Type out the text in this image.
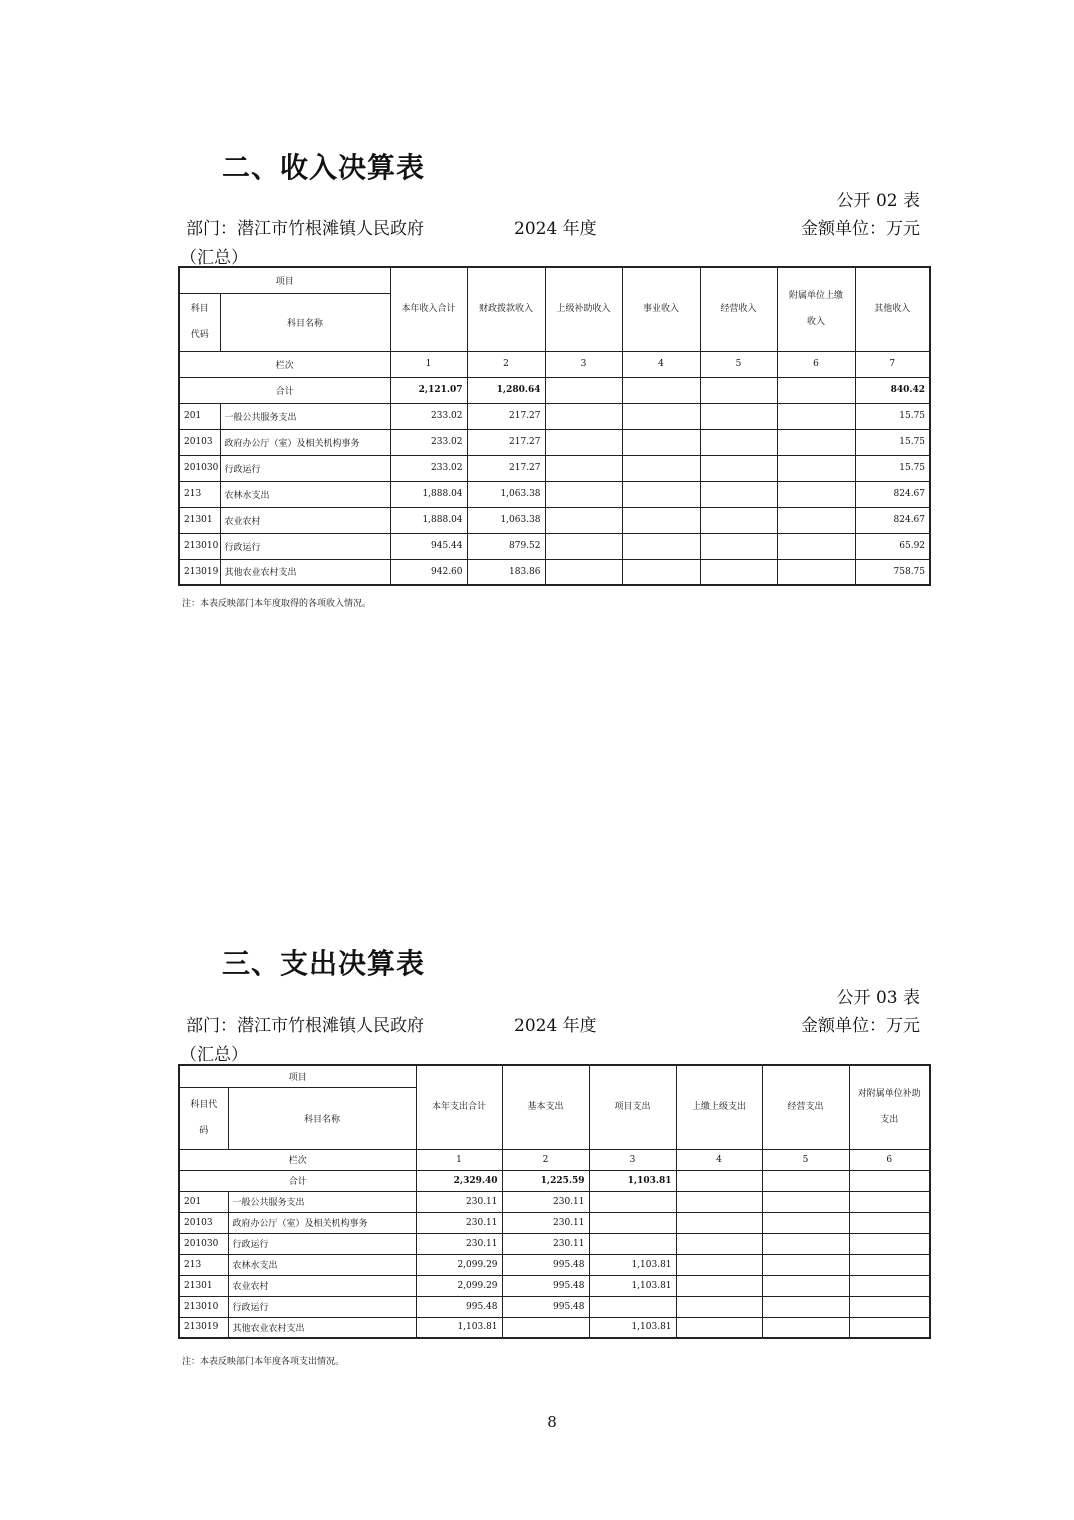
二、收入决算表
公开 02 表
部门：潜江市竹根滩镇人民政府	2024 年度	金额单位：万元
（汇总）
项目		本年收入合计	财政拨款收入	上级补助收入	事业收入	经营收入	附属单位上缴收入	其他收入
科目代码	科目名称							
栏次		1	2	3	4	5	6	7
合计		2,121.07	1,280.64					840.42
201	一般公共服务支出	233.02	217.27					15.75
20103	政府办公厅（室）及相关机构事务	233.02	217.27					15.75
201030	行政运行	233.02	217.27					15.75
213	农林水支出	1,888.04	1,063.38					824.67
21301	农业农村	1,888.04	1,063.38					824.67
213010	行政运行	945.44	879.52					65.92
213019	其他农业农村支出	942.60	183.86					758.75
注：本表反映部门本年度取得的各项收入情况。
三、支出决算表
公开 03 表
部门：潜江市竹根滩镇人民政府	2024 年度	金额单位：万元
（汇总）
项目		本年支出合计	基本支出	项目支出	上缴上级支出	经营支出	对附属单位补助支出
科目代码	科目名称						
栏次		1	2	3	4	5	6
合计		2,329.40	1,225.59	1,103.81			
201	一般公共服务支出	230.11	230.11				
20103	政府办公厅（室）及相关机构事务	230.11	230.11				
201030	行政运行	230.11	230.11				
213	农林水支出	2,099.29	995.48	1,103.81			
21301	农业农村	2,099.29	995.48	1,103.81			
213010	行政运行	995.48	995.48				
213019	其他农业农村支出	1,103.81		1,103.81			
注：本表反映部门本年度各项支出情况。
8
